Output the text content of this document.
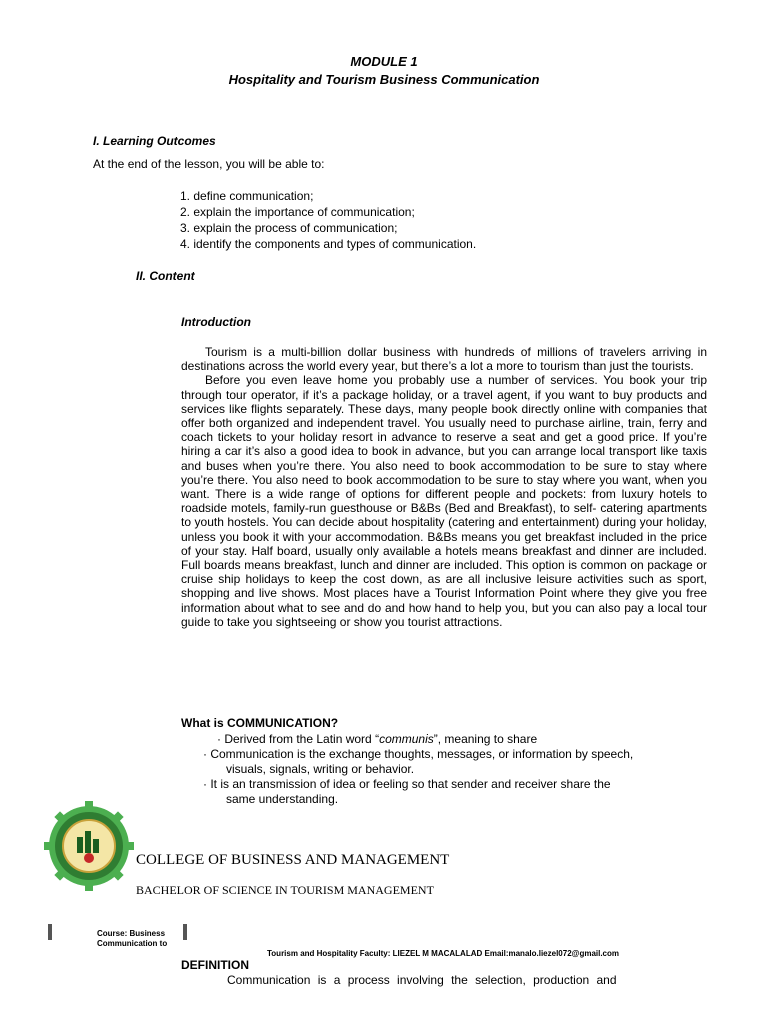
MODULE 1
Hospitality and Tourism Business Communication
I. Learning Outcomes
At the end of the lesson, you will be able to:
1. define communication;
2. explain the importance of communication;
3. explain the process of communication;
4. identify the components and types of communication.
II. Content
Introduction

Tourism is a multi-billion dollar business with hundreds of millions of travelers arriving in destinations across the world every year, but there’s a lot a more to tourism than just the tourists.

Before you even leave home you probably use a number of services. You book your trip through tour operator, if it’s a package holiday, or a travel agent, if you want to buy products and services like flights separately. These days, many people book directly online with companies that offer both organized and independent travel. You usually need to purchase airline, train, ferry and coach tickets to your holiday resort in advance to reserve a seat and get a good price. If you’re hiring a car it’s also a good idea to book in advance, but you can arrange local transport like taxis and buses when you’re there. You also need to book accommodation to be sure to stay where you’re there. You also need to book accommodation to be sure to stay where you want, when you want. There is a wide range of options for different people and pockets: from luxury hotels to roadside motels, family-run guesthouse or B&Bs (Bed and Breakfast), to self- catering apartments to youth hostels. You can decide about hospitality (catering and entertainment) during your holiday, unless you book it with your accommodation. B&Bs means you get breakfast included in the price of your stay. Half board, usually only available a hotels means breakfast and dinner are included. Full boards means breakfast, lunch and dinner are included. This option is common on package or cruise ship holidays to keep the cost down, as are all inclusive leisure activities such as sport, shopping and live shows. Most places have a Tourist Information Point where they give you free information about what to see and do and how hand to help you, but you can also pay a local tour guide to take you sightseeing or show you tourist attractions.

What is COMMUNICATION?
· Derived from the Latin word “communis”, meaning to share
· Communication is the exchange thoughts, messages, or information by speech,
visuals, signals, writing or behavior.
· It is an transmission of idea or feeling so that sender and receiver share the
same understanding.
COLLEGE OF BUSINESS AND MANAGEMENT
BACHELOR OF SCIENCE IN TOURISM MANAGEMENT
Course: Business
Communication to
Tourism and Hospitality Faculty: LIEZEL M MACALALAD Email:manalo.liezel072@gmail.com
DEFINITION
Communication is a process involving the selection, production and
